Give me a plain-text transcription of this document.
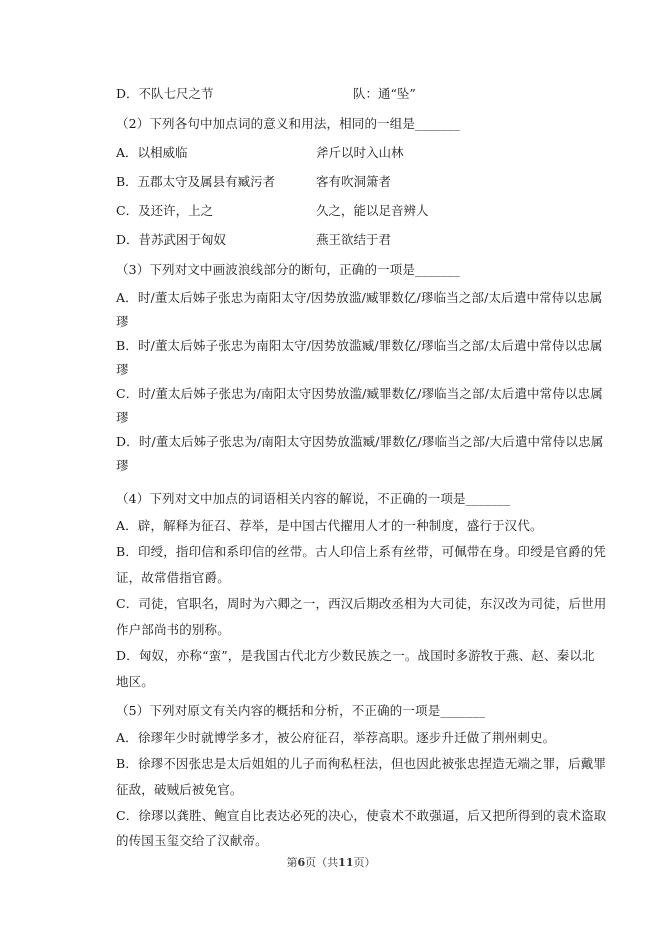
D．不队七尺之节	队：通“坠”
（2）下列各句中加点词的意义和用法，相同的一组是_______
A．以相威临	斧斤以时入山林
B．五郡太守及属县有臧污者	客有吹洞箫者
C．及还许，上之	久之，能以足音辨人
D．昔苏武困于匈奴	燕王欲结于君
（3）下列对文中画波浪线部分的断句，正确的一项是_______
A．时/董太后姊子张忠为南阳太守/因势放滥/臧罪数亿/璆临当之部/太后遣中常侍以忠属
璆
B．时/董太后姊子张忠为南阳太守/因势放滥臧/罪数亿/璆临当之部/太后遣中常侍以忠属
璆
C．时/董太后姊子张忠为/南阳太守因势放滥/臧罪数亿/璆临当之部/太后遣中常侍以忠属
璆
D．时/董太后姊子张忠为/南阳太守因势放滥臧/罪数亿/璆临当之部/大后遣中常侍以忠属
璆
（4）下列对文中加点的词语相关内容的解说，不正确的一项是_______
A．辟，解释为征召、荐举，是中国古代擢用人才的一种制度，盛行于汉代。
B．印绶，指印信和系印信的丝带。古人印信上系有丝带，可佩带在身。印绶是官爵的凭
证，故常借指官爵。
C．司徒，官职名，周时为六卿之一，西汉后期改丞相为大司徒，东汉改为司徒，后世用
作户部尚书的别称。
D．匈奴，亦称“蛮”，是我国古代北方少数民族之一。战国时多游牧于燕、赵、秦以北
地区。
（5）下列对原文有关内容的概括和分析，不正确的一项是_______
A．徐璆年少时就博学多才，被公府征召，举荐高职。逐步升迁做了荆州刺史。
B．徐璆不因张忠是太后姐姐的儿子而徇私枉法，但也因此被张忠捏造无端之罪，后戴罪
征敌，破贼后被免官。
C．徐璆以龚胜、鲍宣自比表达必死的决心，使袁术不敢强逼，后又把所得到的袁术盗取
的传国玉玺交给了汉献帝。
第6页（共11页）
